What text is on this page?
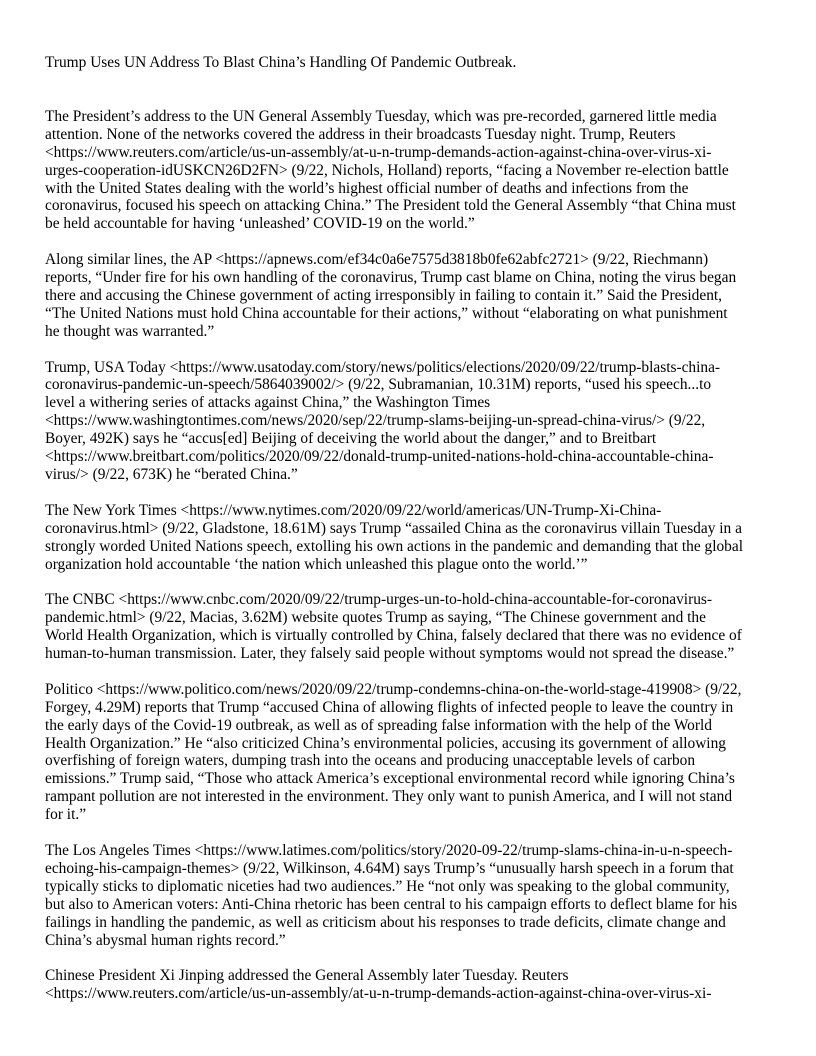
Trump Uses UN Address To Blast China’s Handling Of Pandemic Outbreak.
The President’s address to the UN General Assembly Tuesday, which was pre-recorded, garnered little media
attention. None of the networks covered the address in their broadcasts Tuesday night. Trump, Reuters
<https://www.reuters.com/article/us-un-assembly/at-u-n-trump-demands-action-against-china-over-virus-xi-
urges-cooperation-idUSKCN26D2FN> (9/22, Nichols, Holland) reports, “facing a November re-election battle
with the United States dealing with the world’s highest official number of deaths and infections from the
coronavirus, focused his speech on attacking China.” The President told the General Assembly “that China must
be held accountable for having ‘unleashed’ COVID-19 on the world.”
Along similar lines, the AP <https://apnews.com/ef34c0a6e7575d3818b0fe62abfc2721> (9/22, Riechmann)
reports, “Under fire for his own handling of the coronavirus, Trump cast blame on China, noting the virus began
there and accusing the Chinese government of acting irresponsibly in failing to contain it.” Said the President,
“The United Nations must hold China accountable for their actions,” without “elaborating on what punishment
he thought was warranted.”
Trump, USA Today <https://www.usatoday.com/story/news/politics/elections/2020/09/22/trump-blasts-china-
coronavirus-pandemic-un-speech/5864039002/> (9/22, Subramanian, 10.31M) reports, “used his speech...to
level a withering series of attacks against China,” the Washington Times
<https://www.washingtontimes.com/news/2020/sep/22/trump-slams-beijing-un-spread-china-virus/> (9/22,
Boyer, 492K) says he “accus[ed] Beijing of deceiving the world about the danger,” and to Breitbart
<https://www.breitbart.com/politics/2020/09/22/donald-trump-united-nations-hold-china-accountable-china-
virus/> (9/22, 673K) he “berated China.”
The New York Times <https://www.nytimes.com/2020/09/22/world/americas/UN-Trump-Xi-China-
coronavirus.html> (9/22, Gladstone, 18.61M) says Trump “assailed China as the coronavirus villain Tuesday in a
strongly worded United Nations speech, extolling his own actions in the pandemic and demanding that the global
organization hold accountable ‘the nation which unleashed this plague onto the world.’”
The CNBC <https://www.cnbc.com/2020/09/22/trump-urges-un-to-hold-china-accountable-for-coronavirus-
pandemic.html> (9/22, Macias, 3.62M) website quotes Trump as saying, “The Chinese government and the
World Health Organization, which is virtually controlled by China, falsely declared that there was no evidence of
human-to-human transmission. Later, they falsely said people without symptoms would not spread the disease.”
Politico <https://www.politico.com/news/2020/09/22/trump-condemns-china-on-the-world-stage-419908> (9/22,
Forgey, 4.29M) reports that Trump “accused China of allowing flights of infected people to leave the country in
the early days of the Covid-19 outbreak, as well as of spreading false information with the help of the World
Health Organization.” He “also criticized China’s environmental policies, accusing its government of allowing
overfishing of foreign waters, dumping trash into the oceans and producing unacceptable levels of carbon
emissions.” Trump said, “Those who attack America’s exceptional environmental record while ignoring China’s
rampant pollution are not interested in the environment. They only want to punish America, and I will not stand
for it.”
The Los Angeles Times <https://www.latimes.com/politics/story/2020-09-22/trump-slams-china-in-u-n-speech-
echoing-his-campaign-themes> (9/22, Wilkinson, 4.64M) says Trump’s “unusually harsh speech in a forum that
typically sticks to diplomatic niceties had two audiences.” He “not only was speaking to the global community,
but also to American voters: Anti-China rhetoric has been central to his campaign efforts to deflect blame for his
failings in handling the pandemic, as well as criticism about his responses to trade deficits, climate change and
China’s abysmal human rights record.”
Chinese President Xi Jinping addressed the General Assembly later Tuesday. Reuters
<https://www.reuters.com/article/us-un-assembly/at-u-n-trump-demands-action-against-china-over-virus-xi-
